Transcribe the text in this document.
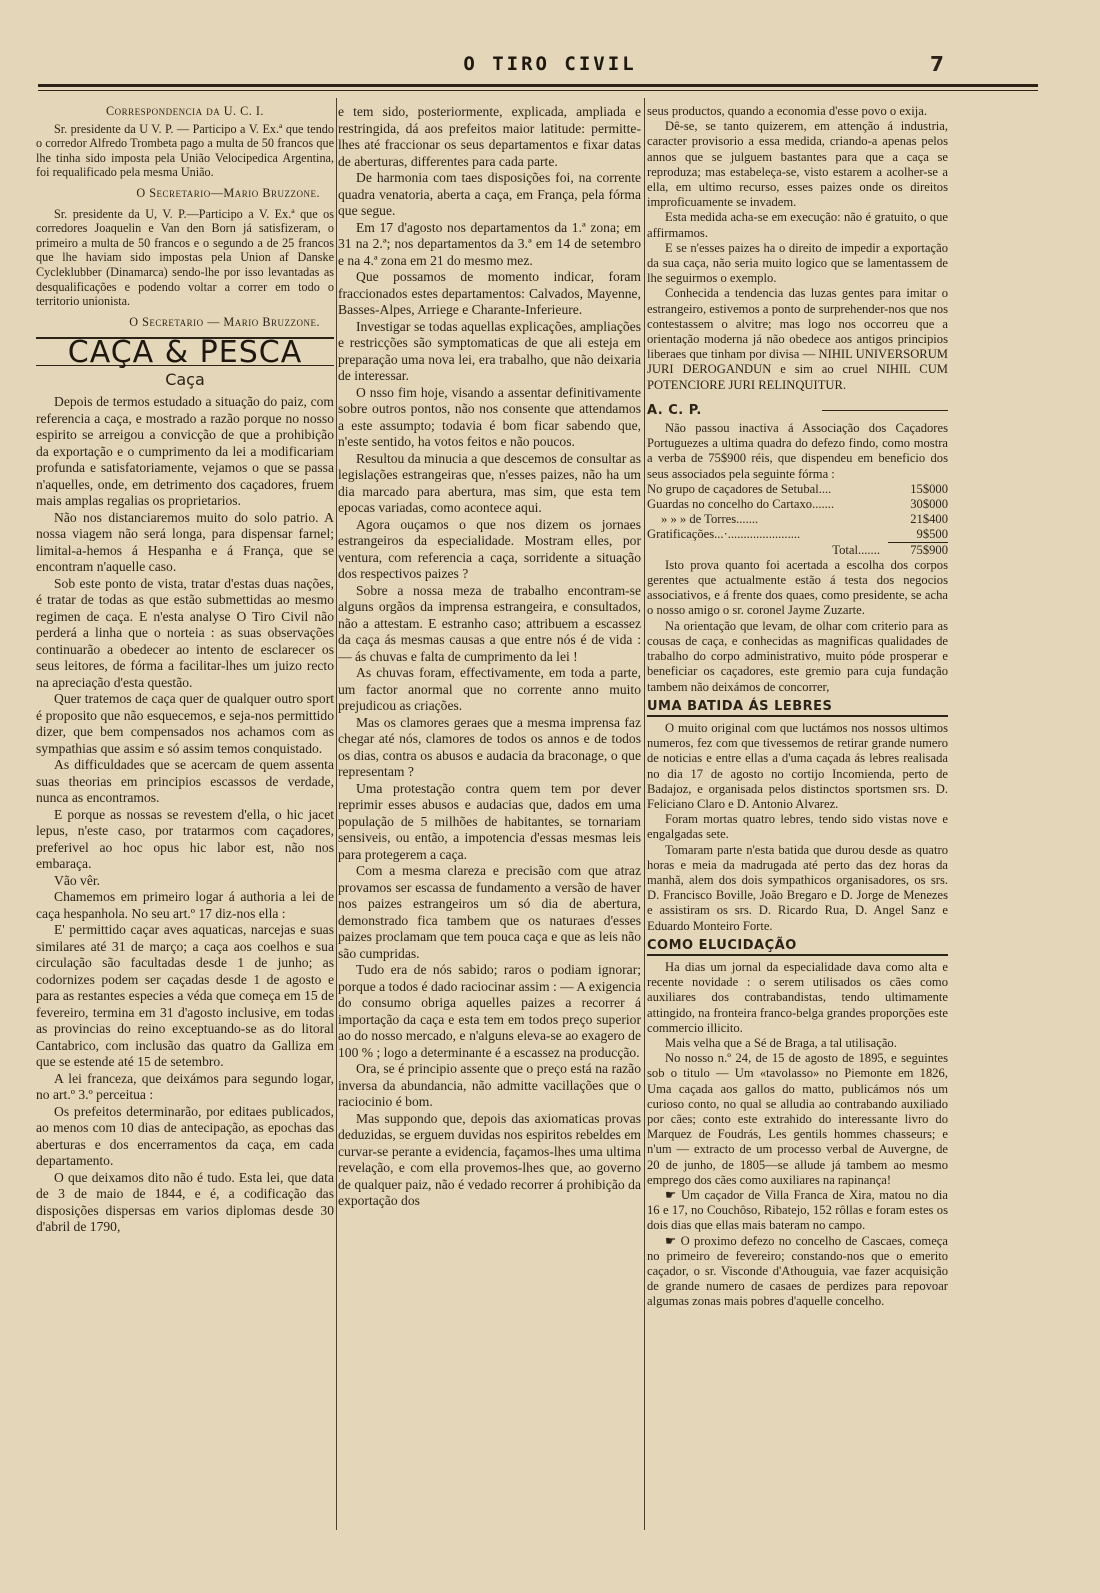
O TIRO CIVIL	7

Correspondencia da U. C. I.

Sr. presidente da U V. P. — Participo a V. Ex.ª que tendo o corredor Alfredo Trombeta pago a multa de 50 francos que lhe tinha sido imposta pela União Velocipedica Argentina, foi requalificado pela mesma União.

O Secretario—Mario Bruzzone.

Sr. presidente da U, V. P.—Participo a V. Ex.ª que os corredores Joaquelin e Van den Born já satisfizeram, o primeiro a multa de 50 francos e o segundo a de 25 francos que lhe haviam sido impostas pela Union af Danske Cycleklubber (Dinamarca) sendo-lhe por isso levantadas as desqualificações e podendo voltar a correr em todo o territorio unionista.

O Secretario — Mario Bruzzone.

CAÇA & PESCA
Caça

Depois de termos estudado a situação do paiz, com referencia a caça, e mostrado a razão porque no nosso espirito se arreigou a convicção de que a prohibição da exportação e o cumprimento da lei a modificariam profunda e satisfatoriamente, vejamos o que se passa n'aquelles, onde, em detrimento dos caçadores, fruem mais amplas regalias os proprietarios.

Não nos distanciaremos muito do solo patrio. A nossa viagem não será longa, para dispensar farnel; limital-a-hemos á Hespanha e á França, que se encontram n'aquelle caso.

Sob este ponto de vista, tratar d'estas duas nações, é tratar de todas as que estão submettidas ao mesmo regimen de caça. E n'esta analyse O Tiro Civil não perderá a linha que o norteia : as suas observações continuarão a obedecer ao intento de esclarecer os seus leitores, de fórma a facilitar-lhes um juizo recto na apreciação d'esta questão.

Quer tratemos de caça quer de qualquer outro sport é proposito que não esquecemos, e seja-nos permittido dizer, que bem compensados nos achamos com as sympathias que assim e só assim temos conquistado.

As difficuldades que se acercam de quem assenta suas theorias em principios escassos de verdade, nunca as encontramos.

E porque as nossas se revestem d'ella, o hic jacet lepus, n'este caso, por tratarmos com caçadores, preferivel ao hoc opus hic labor est, não nos embaraça.

Vão vêr.

Chamemos em primeiro logar á authoria a lei de caça hespanhola. No seu art.º 17 diz-nos ella :

E' permittido caçar aves aquaticas, narcejas e suas similares até 31 de março; a caça aos coelhos e sua circulação são facultadas desde 1 de junho; as codornizes podem ser caçadas desde 1 de agosto e para as restantes especies a véda que começa em 15 de fevereiro, termina em 31 d'agosto inclusive, em todas as provincias do reino exceptuando-se as do litoral Cantabrico, com inclusão das quatro da Galliza em que se estende até 15 de setembro.

A lei franceza, que deixámos para segundo logar, no art.º 3.º perceitua :

Os prefeitos determinarão, por editaes publicados, ao menos com 10 dias de antecipação, as epochas das aberturas e dos encerramentos da caça, em cada departamento.

O que deixamos dito não é tudo. Esta lei, que data de 3 de maio de 1844, e é, a codificação das disposições dispersas em varios diplomas desde 30 d'abril de 1790,

e tem sido, posteriormente, explicada, ampliada e restringida, dá aos prefeitos maior latitude: permitte-lhes até fraccionar os seus departamentos e fixar datas de aberturas, differentes para cada parte.

De harmonia com taes disposições foi, na corrente quadra venatoria, aberta a caça, em França, pela fórma que segue.

Em 17 d'agosto nos departamentos da 1.ª zona; em 31 na 2.ª; nos departamentos da 3.ª em 14 de setembro e na 4.ª zona em 21 do mesmo mez.

Que possamos de momento indicar, foram fraccionados estes departamentos: Calvados, Mayenne, Basses-Alpes, Arriege e Charante-Inferieure.

Investigar se todas aquellas explicações, ampliações e restricções são symptomaticas de que ali esteja em preparação uma nova lei, era trabalho, que não deixaria de interessar.

O nsso fim hoje, visando a assentar definitivamente sobre outros pontos, não nos consente que attendamos a este assumpto; todavia é bom ficar sabendo que, n'este sentido, ha votos feitos e não poucos.

Resultou da minucia a que descemos de consultar as legislações estrangeiras que, n'esses paizes, não ha um dia marcado para abertura, mas sim, que esta tem epocas variadas, como acontece aqui.

Agora ouçamos o que nos dizem os jornaes estrangeiros da especialidade. Mostram elles, por ventura, com referencia a caça, sorridente a situação dos respectivos paizes ?

Sobre a nossa meza de trabalho encontram-se alguns orgãos da imprensa estrangeira, e consultados, não a attestam. E estranho caso; attribuem a escassez da caça ás mesmas causas a que entre nós é de vida : — ás chuvas e falta de cumprimento da lei !

As chuvas foram, effectivamente, em toda a parte, um factor anormal que no corrente anno muito prejudicou as criações.

Mas os clamores geraes que a mesma imprensa faz chegar até nós, clamores de todos os annos e de todos os dias, contra os abusos e audacia da braconage, o que representam ?

Uma protestação contra quem tem por dever reprimir esses abusos e audacias que, dados em uma população de 5 milhões de habitantes, se tornariam sensiveis, ou então, a impotencia d'essas mesmas leis para protegerem a caça.

Com a mesma clareza e precisão com que atraz provamos ser escassa de fundamento a versão de haver nos paizes estrangeiros um só dia de abertura, demonstrado fica tambem que os naturaes d'esses paizes proclamam que tem pouca caça e que as leis não são cumpridas.

Tudo era de nós sabido; raros o podiam ignorar; porque a todos é dado raciocinar assim : — A exigencia do consumo obriga aquelles paizes a recorrer á importação da caça e esta tem em todos preço superior ao do nosso mercado, e n'alguns eleva-se ao exagero de 100 % ; logo a determinante é a escassez na producção.

Ora, se é principio assente que o preço está na razão inversa da abundancia, não admitte vacillações que o raciocinio é bom.

Mas suppondo que, depois das axiomaticas provas deduzidas, se erguem duvidas nos espiritos rebeldes em curvar-se perante a evidencia, façamos-lhes uma ultima revelação, e com ella provemos-lhes que, ao governo de qualquer paiz, não é vedado recorrer á prohibição da exportação dos

seus productos, quando a economia d'esse povo o exija.

Dê-se, se tanto quizerem, em attenção á industria, caracter provisorio a essa medida, criando-a apenas pelos annos que se julguem bastantes para que a caça se reproduza; mas estabeleça-se, visto estarem a acolher-se a ella, em ultimo recurso, esses paizes onde os direitos improficuamente se invadem.

Esta medida acha-se em execução: não é gratuito, o que affirmamos.

E se n'esses paizes ha o direito de impedir a exportação da sua caça, não seria muito logico que se lamentassem de lhe seguirmos o exemplo.

Conhecida a tendencia das luzas gentes para imitar o estrangeiro, estivemos a ponto de surprehender-nos que nos contestassem o alvitre; mas logo nos occorreu que a orientação moderna já não obedece aos antigos principios liberaes que tinham por divisa — NIHIL UNIVERSORUM JURI DEROGANDUN e sim ao cruel NIHIL CUM POTENCIORE JURI RELINQUITUR.

A. C. P.

Não passou inactiva á Associação dos Caçadores Portuguezes a ultima quadra do defezo findo, como mostra a verba de 75$900 réis, que dispendeu em beneficio dos seus associados pela seguinte fórma :

No grupo de caçadores de Setubal....	15$000
Guardas no concelho do Cartaxo.......	30$000
» » » de Torres.......	21$400
Gratificações...·.......................	9$500
Total.......	75$900

Isto prova quanto foi acertada a escolha dos corpos gerentes que actualmente estão á testa dos negocios associativos, e á frente dos quaes, como presidente, se acha o nosso amigo o sr. coronel Jayme Zuzarte.

Na orientação que levam, de olhar com criterio para as cousas de caça, e conhecidas as magnificas qualidades de trabalho do corpo administrativo, muito póde prosperar e beneficiar os caçadores, este gremio para cuja fundação tambem não deixámos de concorrer,

UMA BATIDA ÁS LEBRES

O muito original com que luctámos nos nossos ultimos numeros, fez com que tivessemos de retirar grande numero de noticias e entre ellas a d'uma caçada ás lebres realisada no dia 17 de agosto no cortijo Incomienda, perto de Badajoz, e organisada pelos distinctos sportsmen srs. D. Feliciano Claro e D. Antonio Alvarez.

Foram mortas quatro lebres, tendo sido vistas nove e engalgadas sete.

Tomaram parte n'esta batida que durou desde as quatro horas e meia da madrugada até perto das dez horas da manhã, alem dos dois sympathicos organisadores, os srs. D. Francisco Boville, João Bregaro e D. Jorge de Menezes e assistiram os srs. D. Ricardo Rua, D. Angel Sanz e Eduardo Monteiro Forte.

COMO ELUCIDAÇÃO

Ha dias um jornal da especialidade dava como alta e recente novidade : o serem utilisados os cães como auxiliares dos contrabandistas, tendo ultimamente attingido, na fronteira franco-belga grandes proporções este commercio illicito.

Mais velha que a Sé de Braga, a tal utilisação.

No nosso n.º 24, de 15 de agosto de 1895, e seguintes sob o titulo — Um «tavolasso» no Piemonte em 1826, Uma caçada aos gallos do matto, publicámos nós um curioso conto, no qual se alludia ao contrabando auxiliado por cães; conto este extrahido do interessante livro do Marquez de Foudrás, Les gentils hommes chasseurs; e n'um — extracto de um processo verbal de Auvergne, de 20 de junho, de 1805—se allude já tambem ao mesmo emprego dos cães como auxiliares na rapinança!

☛ Um caçador de Villa Franca de Xira, matou no dia 16 e 17, no Couchôso, Ribatejo, 152 rôllas e foram estes os dois dias que ellas mais bateram no campo.

☛ O proximo defezo no concelho de Cascaes, começa no primeiro de fevereiro; constando-nos que o emerito caçador, o sr. Visconde d'Athouguia, vae fazer acquisição de grande numero de casaes de perdizes para repovoar algumas zonas mais pobres d'aquelle concelho.
